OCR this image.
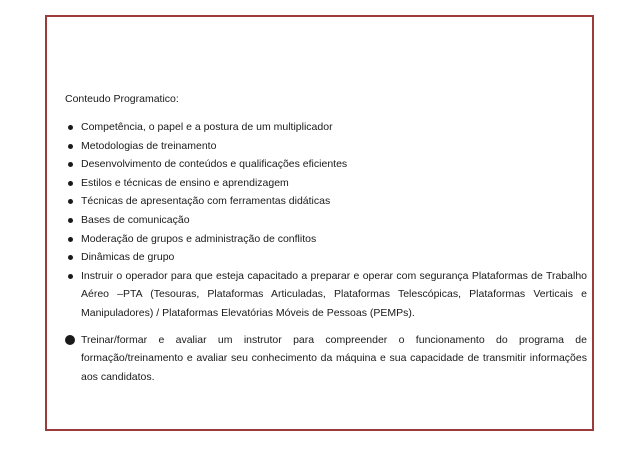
Conteudo Programatico:

Competência, o papel e a postura de um multiplicador
Metodologias de treinamento
Desenvolvimento de conteúdos e qualificações eficientes
Estilos e técnicas de ensino e aprendizagem
Técnicas de apresentação com ferramentas didáticas
Bases de comunicação
Moderação de grupos e administração de conflitos
Dinâmicas de grupo
Instruir o operador para que esteja capacitado a preparar e operar com segurança Plataformas de Trabalho Aéreo –PTA (Tesouras, Plataformas Articuladas, Plataformas Telescópicas, Plataformas Verticais e Manipuladores) / Plataformas Elevatórias Móveis de Pessoas (PEMPs).
Treinar/formar e avaliar um instrutor para compreender o funcionamento do programa de formação/treinamento e avaliar seu conhecimento da máquina e sua capacidade de transmitir informações aos candidatos.
